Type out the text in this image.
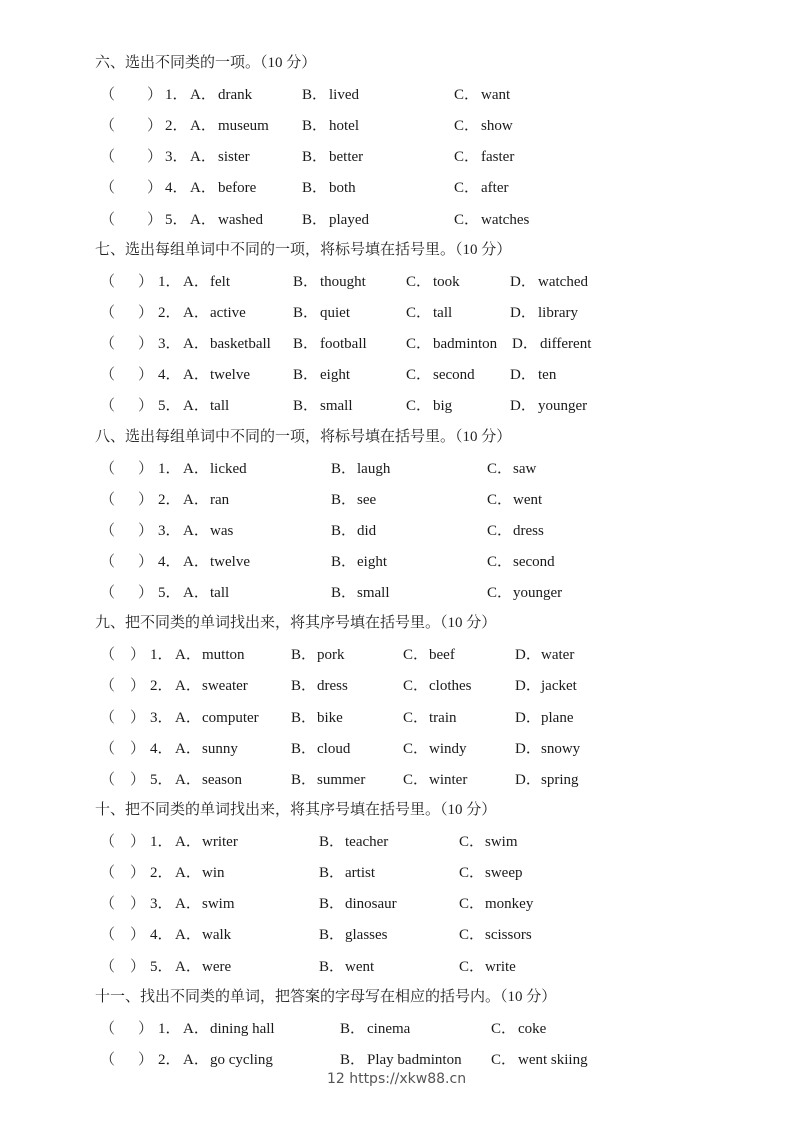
六、选出不同类的一项。（10 分）
（ ） 1． A． drank	B． lived	C． want
（ ） 2． A． museum B． hotel	C． show
（ ） 3． A． sister	B． better	C． faster
（ ） 4． A． before	B． both	C． after
（ ） 5． A． washed	B． played	C． watches
七、选出每组单词中不同的一项，将标号填在括号里。（10 分）
（ ） 1． A． felt	B． thought	C． took	D． watched
（ ） 2． A． active	B． quiet	C． tall	D． library
（ ） 3． A． basketball B． football	C． badminton D． different
（ ） 4． A． twelve	B． eight	C． second D． ten
（ ） 5． A． tall	B． small	C． big	D． younger
八、选出每组单词中不同的一项，将标号填在括号里。（10 分）
（ ） 1． A． licked	B． laugh	C． saw
（ ） 2． A． ran	B． see	C． went
（ ） 3． A． was	B． did	C． dress
（ ） 4． A． twelve	B． eight	C． second
（ ） 5． A． tall	B． small	C． younger
九、把不同类的单词找出来，将其序号填在括号里。（10 分）
（ ） 1． A． mutton	B． pork	C． beef	D． water
（ ） 2． A． sweater	B． dress	C． clothes	D． jacket
（ ） 3． A． computer B． bike	C． train	D． plane
（ ） 4． A． sunny	B． cloud	C． windy	D． snowy
（ ） 5． A． season	B． summer	C． winter	D． spring
十、把不同类的单词找出来，将其序号填在括号里。（10 分）
（ ） 1． A． writer	B． teacher	C． swim
（ ） 2． A． win	B． artist	C． sweep
（ ） 3． A． swim	B． dinosaur	C． monkey
（ ） 4． A． walk	B． glasses	C． scissors
（ ） 5． A． were	B． went	C． write
十一、找出不同类的单词，把答案的字母写在相应的括号内。（10 分）
（ ） 1． A． dining hall	B． cinema	C． coke
（ ） 2． A． go cycling	B． Play badminton C． went skiing
12 https://xkw88.cn
